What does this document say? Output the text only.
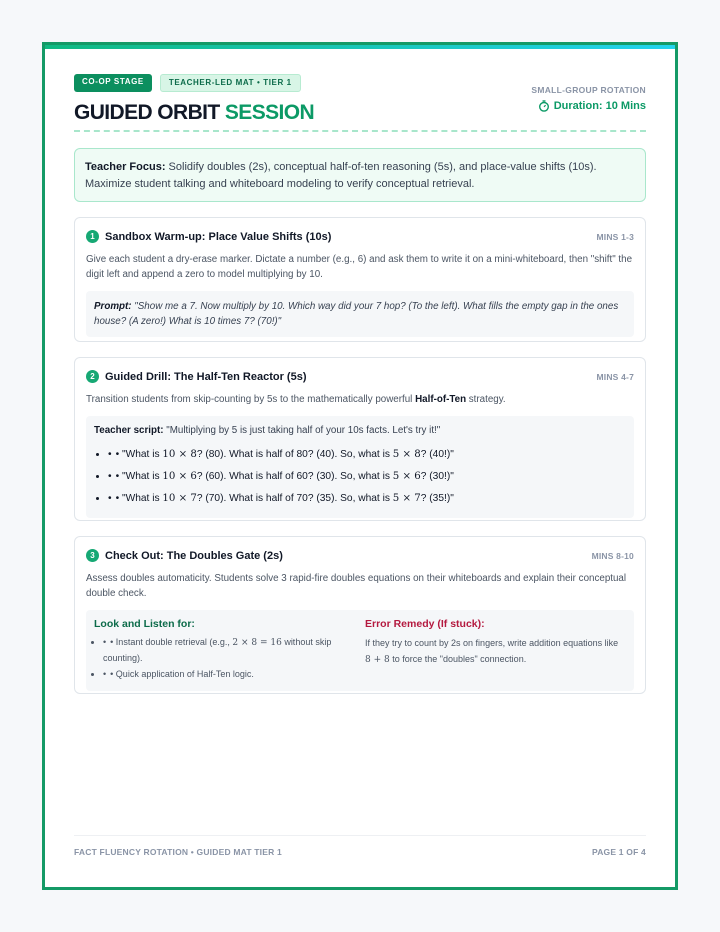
CO-OP STAGE	TEACHER-LED MAT • TIER 1
GUIDED ORBIT SESSION
SMALL-GROUP ROTATION
Duration: 10 Mins
Teacher Focus: Solidify doubles (2s), conceptual half-of-ten reasoning (5s), and place-value shifts (10s). Maximize student talking and whiteboard modeling to verify conceptual retrieval.
1 Sandbox Warm-up: Place Value Shifts (10s)	MINS 1-3
Give each student a dry-erase marker. Dictate a number (e.g., 6) and ask them to write it on a mini-whiteboard, then "shift" the digit left and append a zero to model multiplying by 10.
Prompt: "Show me a 7. Now multiply by 10. Which way did your 7 hop? (To the left). What fills the empty gap in the ones house? (A zero!) What is 10 times 7? (70!)"
2 Guided Drill: The Half-Ten Reactor (5s)	MINS 4-7
Transition students from skip-counting by 5s to the mathematically powerful Half-of-Ten strategy.
Teacher script: "Multiplying by 5 is just taking half of your 10s facts. Let's try it!"
• • • "What is 10 × 8? (80). What is half of 80? (40). So, what is 5 × 8? (40!)"
• • • "What is 10 × 6? (60). What is half of 60? (30). So, what is 5 × 6? (30!)"
• • • "What is 10 × 7? (70). What is half of 70? (35). So, what is 5 × 7? (35!)"
3 Check Out: The Doubles Gate (2s)	MINS 8-10
Assess doubles automaticity. Students solve 3 rapid-fire doubles equations on their whiteboards and explain their conceptual double check.
Look and Listen for:
• • • Instant double retrieval (e.g., 2 × 8 = 16 without skip counting).
• • • Quick application of Half-Ten logic.
Error Remedy (If stuck):
If they try to count by 2s on fingers, write addition equations like 8 + 8 to force the "doubles" connection.
FACT FLUENCY ROTATION • GUIDED MAT TIER 1	PAGE 1 OF 4
